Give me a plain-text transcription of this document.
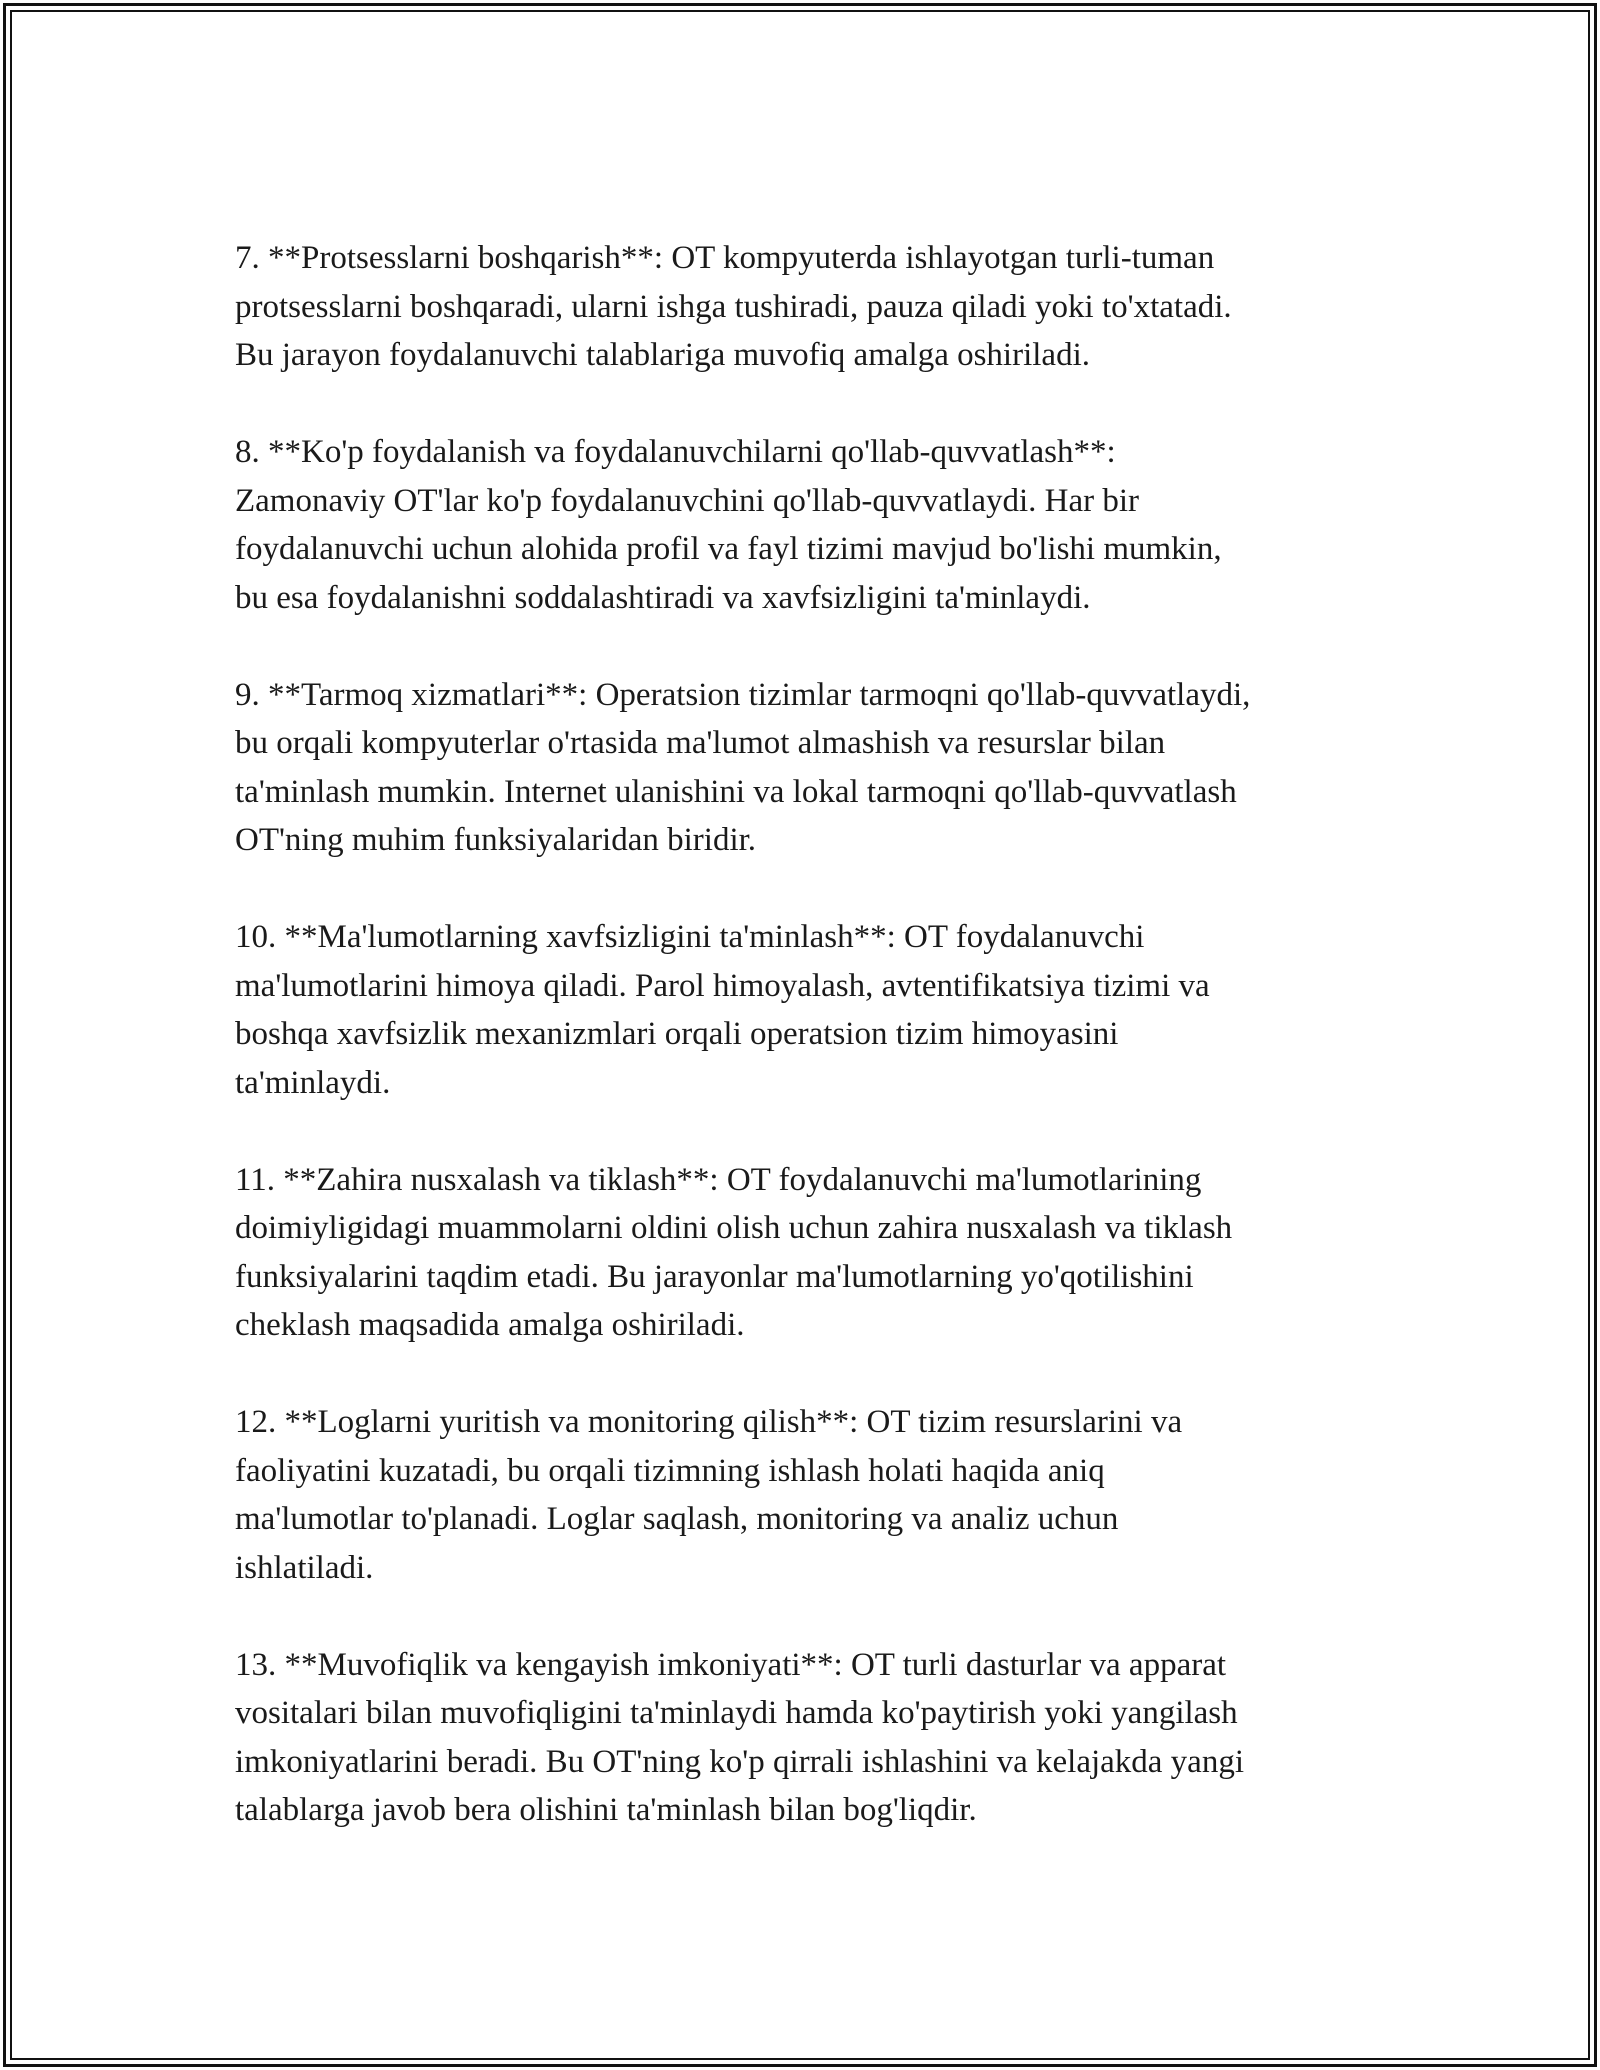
7. **Protsesslarni boshqarish**: OT kompyuterda ishlayotgan turli-tuman
protsesslarni boshqaradi, ularni ishga tushiradi, pauza qiladi yoki to'xtatadi.
Bu jarayon foydalanuvchi talablariga muvofiq amalga oshiriladi.

8. **Ko'p foydalanish va foydalanuvchilarni qo'llab-quvvatlash**:
Zamonaviy OT'lar ko'p foydalanuvchini qo'llab-quvvatlaydi. Har bir
foydalanuvchi uchun alohida profil va fayl tizimi mavjud bo'lishi mumkin,
bu esa foydalanishni soddalashtiradi va xavfsizligini ta'minlaydi.

9. **Tarmoq xizmatlari**: Operatsion tizimlar tarmoqni qo'llab-quvvatlaydi,
bu orqali kompyuterlar o'rtasida ma'lumot almashish va resurslar bilan
ta'minlash mumkin. Internet ulanishini va lokal tarmoqni qo'llab-quvvatlash
OT'ning muhim funksiyalaridan biridir.

10. **Ma'lumotlarning xavfsizligini ta'minlash**: OT foydalanuvchi
ma'lumotlarini himoya qiladi. Parol himoyalash, avtentifikatsiya tizimi va
boshqa xavfsizlik mexanizmlari orqali operatsion tizim himoyasini
ta'minlaydi.

11. **Zahira nusxalash va tiklash**: OT foydalanuvchi ma'lumotlarining
doimiyligidagi muammolarni oldini olish uchun zahira nusxalash va tiklash
funksiyalarini taqdim etadi. Bu jarayonlar ma'lumotlarning yo'qotilishini
cheklash maqsadida amalga oshiriladi.

12. **Loglarni yuritish va monitoring qilish**: OT tizim resurslarini va
faoliyatini kuzatadi, bu orqali tizimning ishlash holati haqida aniq
ma'lumotlar to'planadi. Loglar saqlash, monitoring va analiz uchun
ishlatiladi.

13. **Muvofiqlik va kengayish imkoniyati**: OT turli dasturlar va apparat
vositalari bilan muvofiqligini ta'minlaydi hamda ko'paytirish yoki yangilash
imkoniyatlarini beradi. Bu OT'ning ko'p qirrali ishlashini va kelajakda yangi
talablarga javob bera olishini ta'minlash bilan bog'liqdir.
